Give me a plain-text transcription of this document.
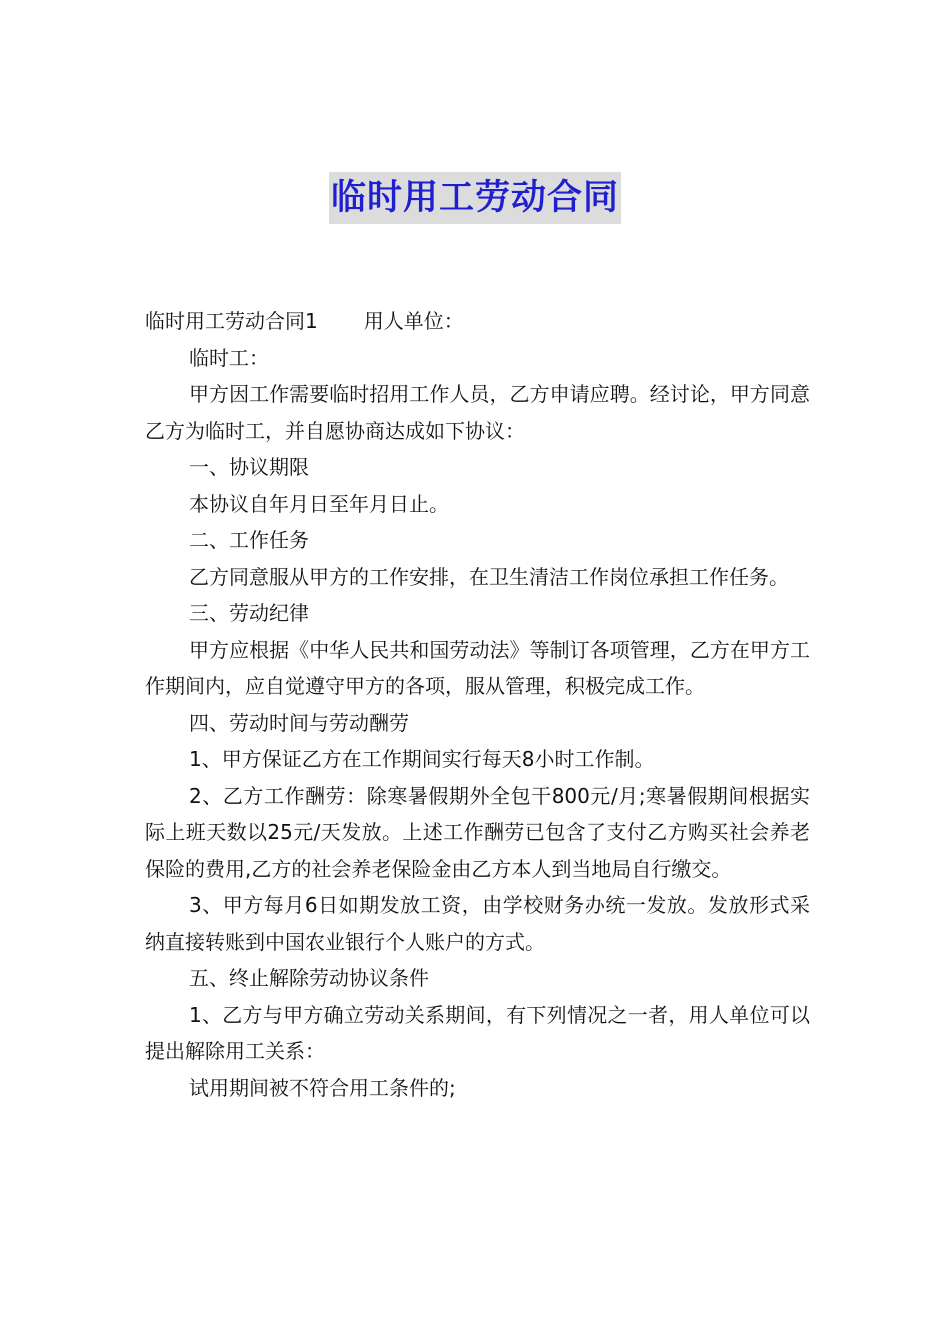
临时用工劳动合同

临时用工劳动合同1 用人单位：

临时工：

甲方因工作需要临时招用工作人员，乙方申请应聘。经讨论，甲方同意乙方为临时工，并自愿协商达成如下协议：

一、协议期限

本协议自年月日至年月日止。

二、工作任务

乙方同意服从甲方的工作安排，在卫生清洁工作岗位承担工作任务。

三、劳动纪律

甲方应根据《中华人民共和国劳动法》等制订各项管理，乙方在甲方工作期间内，应自觉遵守甲方的各项，服从管理，积极完成工作。

四、劳动时间与劳动酬劳

1、甲方保证乙方在工作期间实行每天8小时工作制。

2、乙方工作酬劳：除寒暑假期外全包干800元/月;寒暑假期间根据实际上班天数以25元/天发放。上述工作酬劳已包含了支付乙方购买社会养老保险的费用,乙方的社会养老保险金由乙方本人到当地局自行缴交。

3、甲方每月6日如期发放工资，由学校财务办统一发放。发放形式采纳直接转账到中国农业银行个人账户的方式。

五、终止解除劳动协议条件

1、乙方与甲方确立劳动关系期间，有下列情况之一者，用人单位可以提出解除用工关系：

试用期间被不符合用工条件的;
